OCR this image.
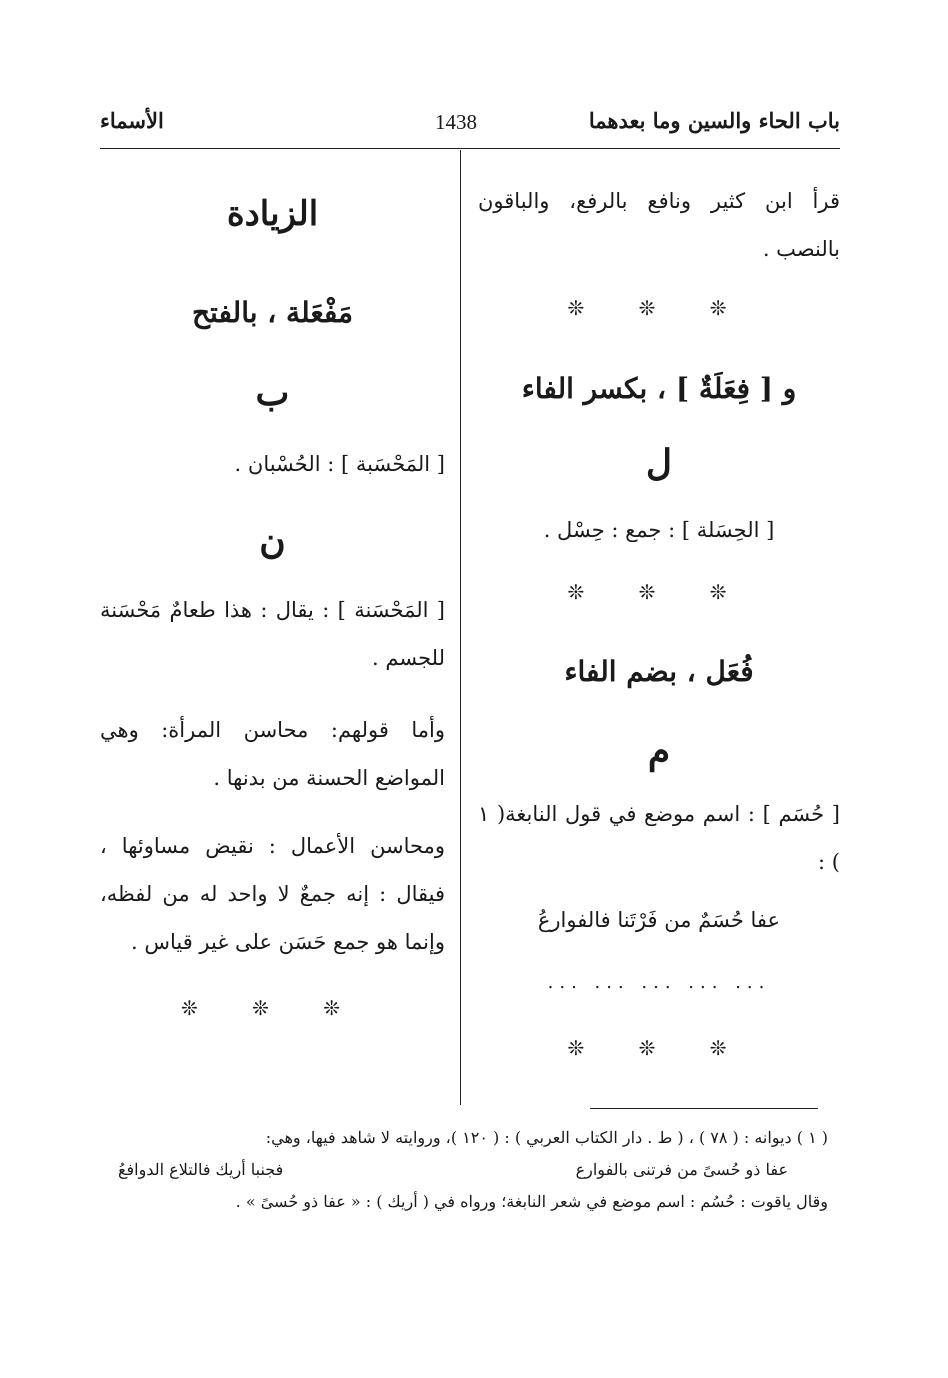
باب الحاء والسين وما بعدهما
1438
الأسماء

قرأ ابن كثير ونافع بالرفع، والباقون بالنصب .

❊ ❊ ❊
و [ فِعَلَةٌ ] ، بكسر الفاء
ل

[ الحِسَلة ] : جمع : حِسْل .

❊ ❊ ❊
فُعَل ، بضم الفاء
م

[ حُسَم ] : اسم موضع في قول النابغة( ١ ) :

عفا حُسَمٌ من فَرْتَنا فالفوارعُ
... ... ... ... ...
❊ ❊ ❊
الزيادة
مَفْعَلة ، بالفتح
ب

[ المَحْسَبة ] : الحُسْبان .

ن

[ المَحْسَنة ] : يقال : هذا طعامٌ مَحْسَنة للجسم .

وأما قولهم: محاسن المرأة: وهي المواضع الحسنة من بدنها .

ومحاسن الأعمال : نقيض مساوئها ، فيقال : إنه جمعٌ لا واحد له من لفظه، وإنما هو جمع حَسَن على غير قياس .

❊ ❊ ❊

( ١ ) ديوانه : ( ٧٨ ) ، ( ط . دار الكتاب العربي ) : ( ١٢٠ )، وروايته لا شاهد فيها، وهي:

عفا ذو حُسىً من فرتنى بالفوارع
فجنبا أريك فالتلاع الدوافعُ

وقال ياقوت : حُسُم : اسم موضع في شعر النابغة؛ ورواه في ( أريك ) : « عفا ذو حُسىً » .
